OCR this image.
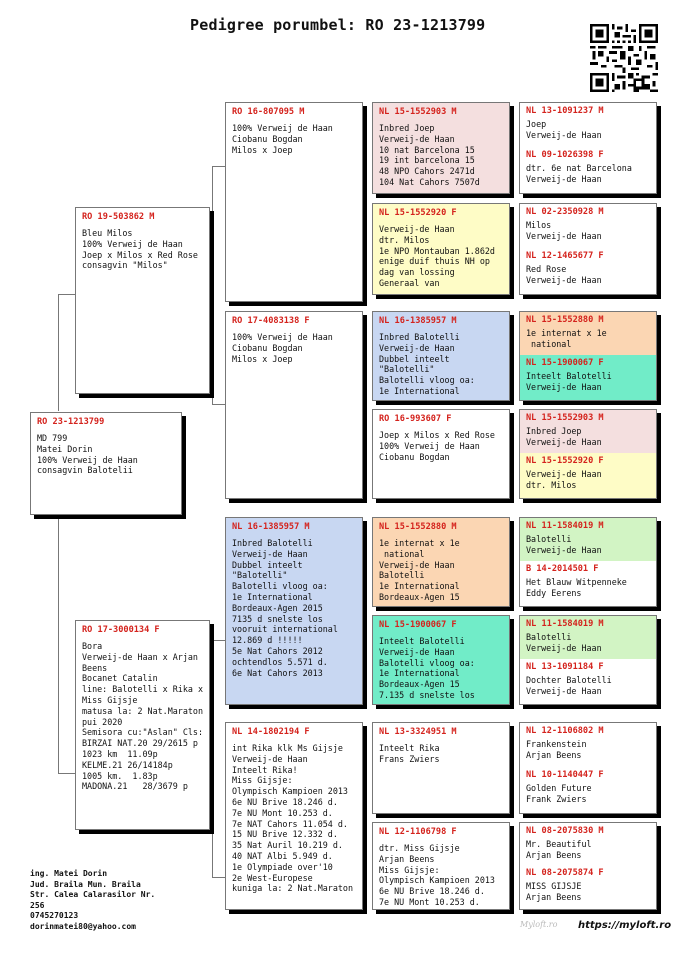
Pedigree porumbel: RO 23-1213799
RO 23-1213799
MD 799
Matei Dorin
100% Verweij de Haan
consagvin Balotelii
RO 19-503862 M
Bleu Milos
100% Verweij de Haan
Joep x Milos x Red Rose
consagvin "Milos"
RO 17-3000134 F
Bora
Verweij-de Haan x Arjan
Beens
Bocanet Catalin
line: Balotelli x Rika x
Miss Gijsje
matusa la: 2 Nat.Maraton
pui 2020
Semisora cu:"Aslan" Cls:
BIRZAI NAT.20 29/2615 p
1023 km  11.09p
KELME.21 26/14184p
1005 km.  1.83p
MADONA.21   28/3679 p
RO 16-807095 M
100% Verweij de Haan
Ciobanu Bogdan
Milos x Joep
RO 17-4083138 F
100% Verweij de Haan
Ciobanu Bogdan
Milos x Joep
NL 16-1385957 M
Inbred Balotelli
Verweij-de Haan
Dubbel inteelt
"Balotelli"
Balotelli vloog oa:
1e International
Bordeaux-Agen 2015
7135 d snelste los
vooruit international
12.869 d !!!!!
5e Nat Cahors 2012
ochtendlos 5.571 d.
6e Nat Cahors 2013
NL 14-1802194 F
int Rika klk Ms Gijsje
Verweij-de Haan
Inteelt Rika!
Miss Gijsje:
Olympisch Kampioen 2013
6e NU Brive 18.246 d.
7e NU Mont 10.253 d.
7e NAT Cahors 11.054 d.
15 NU Brive 12.332 d.
35 Nat Auril 10.219 d.
40 NAT Albi 5.949 d.
1e Olympiade over'10
2e West-Europese
kuniga la: 2 Nat.Maraton
NL 15-1552903 M
Inbred Joep
Verweij-de Haan
10 nat Barcelona 15
19 int barcelona 15
48 NPO Cahors 2471d
104 Nat Cahors 7507d
NL 15-1552920 F
Verweij-de Haan
dtr. Milos
1e NPO Montauban 1.862d
enige duif thuis NH op
dag van lossing
Generaal van
NL 16-1385957 M
Inbred Balotelli
Verweij-de Haan
Dubbel inteelt
"Balotelli"
Balotelli vloog oa:
1e International
RO 16-993607 F
Joep x Milos x Red Rose
100% Verweij de Haan
Ciobanu Bogdan
NL 15-1552880 M
1e internat x 1e
national
Verweij-de Haan
Balotelli
1e International
Bordeaux-Agen 15
NL 15-1900067 F
Inteelt Balotelli
Verweij-de Haan
Balotelli vloog oa:
1e International
Bordeaux-Agen 15
7.135 d snelste los
NL 13-3324951 M
Inteelt Rika
Frans Zwiers
NL 12-1106798 F
dtr. Miss Gijsje
Arjan Beens
Miss Gijsje:
Olympisch Kampioen 2013
6e NU Brive 18.246 d.
7e NU Mont 10.253 d.
NL 13-1091237 M
Joep
Verweij-de Haan
NL 09-1026398 F
dtr. 6e nat Barcelona
Verweij-de Haan
NL 02-2350928 M
Milos
Verweij-de Haan
NL 12-1465677 F
Red Rose
Verweij-de Haan
NL 15-1552880 M
1e internat x 1e
national
NL 15-1900067 F
Inteelt Balotelli
Verweij-de Haan
NL 15-1552903 M
Inbred Joep
Verweij-de Haan
NL 15-1552920 F
Verweij-de Haan
dtr. Milos
NL 11-1584019 M
Balotelli
Verweij-de Haan
B 14-2014501 F
Het Blauw Witpenneke
Eddy Eerens
NL 11-1584019 M
Balotelli
Verweij-de Haan
NL 13-1091184 F
Dochter Balotelli
Verweij-de Haan
NL 12-1106802 M
Frankenstein
Arjan Beens
NL 10-1140447 F
Golden Future
Frank Zwiers
NL 08-2075830 M
Mr. Beautiful
Arjan Beens
NL 08-2075874 F
MISS GIJSJE
Arjan Beens
ing. Matei Dorin
Jud. Braila Mun. Braila
Str. Calea Calarasilor Nr.
256
0745270123
dorinmatei80@yahoo.com	Myloft.ro https://myloft.ro
